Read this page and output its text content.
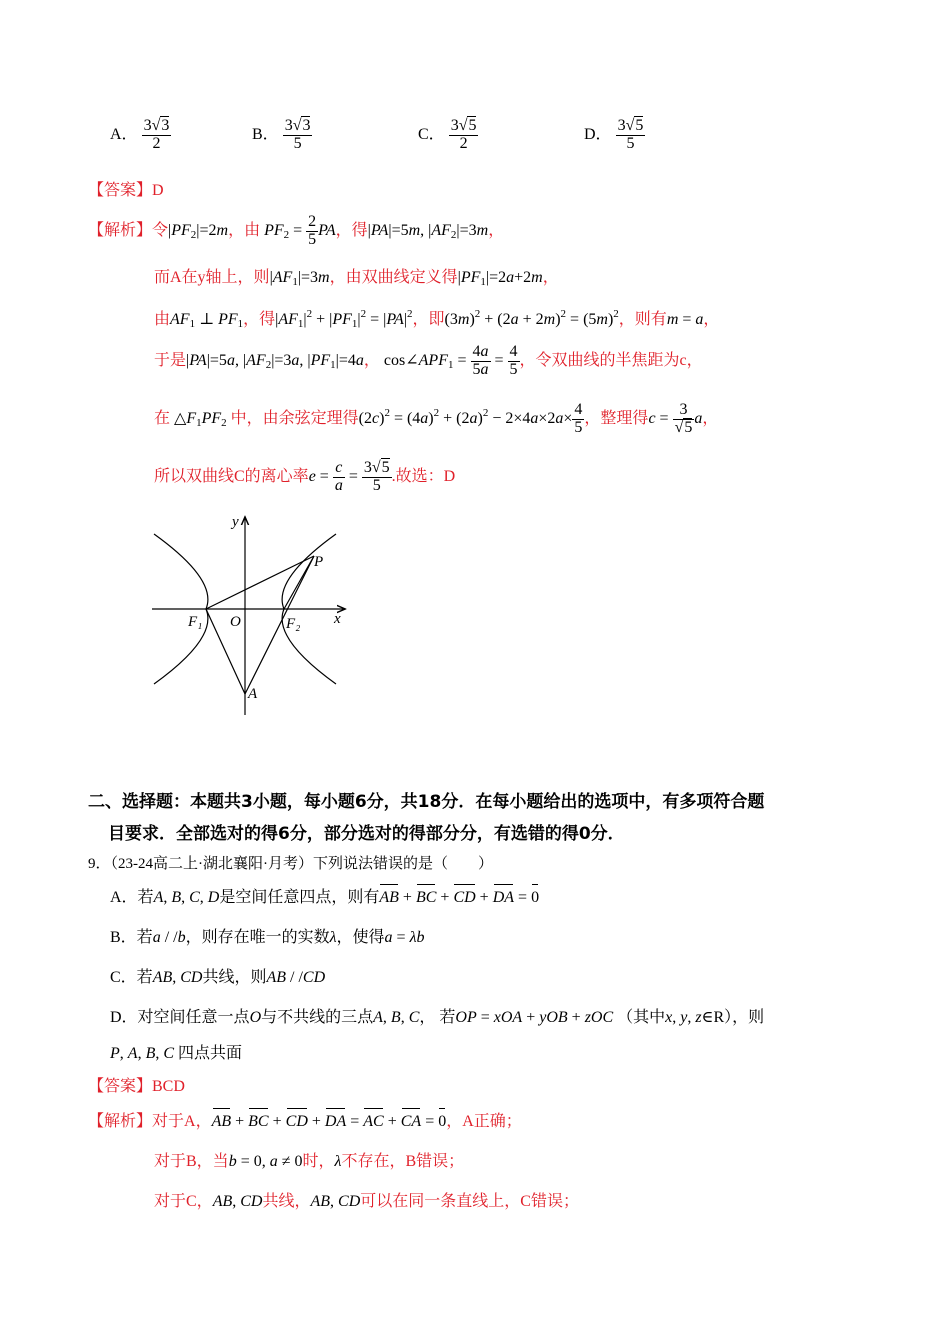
A． $\frac{3√3}{2}$	B． $\frac{3√3}{5}$	C． $\frac{3√5}{2}$	D． $\frac{3√5}{5}$
【答案】D
【解析】令$|PF_2|=2m$，由 $PF_2 = \frac{2}{5}$ PA，得|PA|=5m, $|AF_2|=3m$，
而A在y轴上，则$|AF_1|=3m$，由双曲线定义得$|PF_1|=2a+2m$，
由$AF_1$ ⊥ $PF_1$，得$|AF_1|^2 + |PF_1|^2 = |PA|^2$，即$(3m)^2 + (2a + 2m)^2 = (5m)^2$，则有m = a，
于是|PA|=5a, $|AF_2|=3a$, $|PF_1|=4a$， $\cos\angle APF_1 = \frac{4a}{5a} = \frac{4}{5}$ ，令双曲线的半焦距为c，
在 $\triangle F_1PF_2$ 中，由余弦定理得$(2c)^2 = (4a)^2 + (2a)^2 - 2\times 4a\times 2a\times \frac{4}{5}$ ，整理得$c = \frac{3}{√5}$ a，
所以双曲线C的离心率$e = \frac{c}{a} = \frac{3√5}{5}$ .故选：D
y
x
O
P
A
F₁	F₂
二、选择题：本题共3小题，每小题6分，共18分．在每小题给出的选项中，有多项符合题
目要求．全部选对的得6分，部分选对的得部分分，有选错的得0分．
9．（23-24高二上·湖北襄阳·月考）下列说法错误的是（　　）
A．若A, B, C, D是空间任意四点，则有AB + BC + CD + DA = 0
B．若a / /b，则存在唯一的实数λ，使得a = λb
C．若AB, CD共线，则AB / /CD
D．对空间任意一点O与不共线的三点A, B, C， 若OP = xOA + yOB + zOC （其中x, y, z∈R），则
P, A, B, C 四点共面
【答案】BCD
【解析】对于A，AB + BC + CD + DA = AC + CA = 0，A正确；
对于B，当b = 0, a ≠ 0时，λ不存在，B错误；
对于C，AB, CD共线，AB, CD可以在同一条直线上，C错误；
